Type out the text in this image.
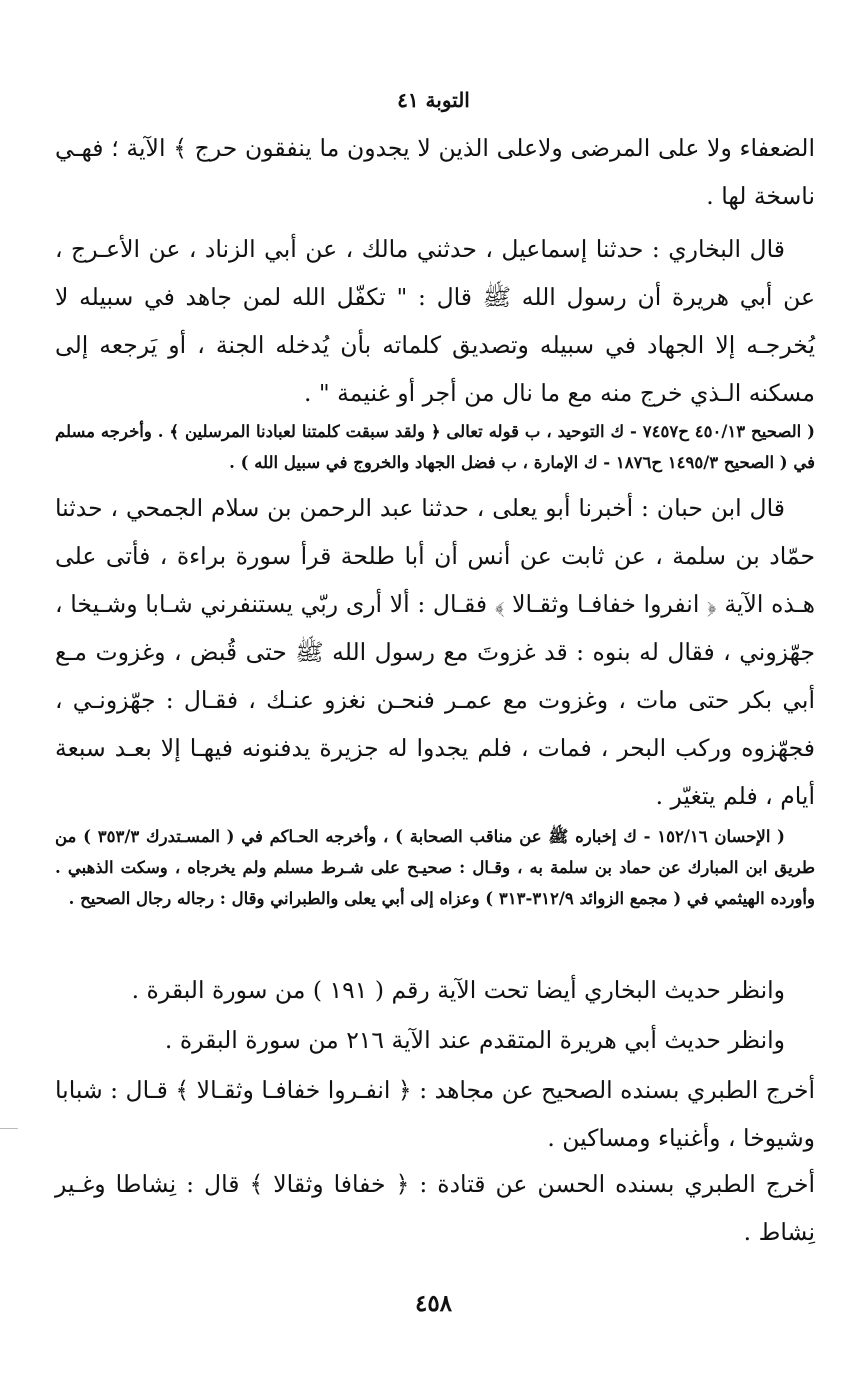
التوبة ٤١

الضعفاء ولا على المرضى ولاعلى الذين لا يجدون ما ينفقون حرج ﴾ الآية ؛ فهـي ناسخة لها .

قال البخاري : حدثنا إسماعيل ، حدثني مالك ، عن أبي الزناد ، عن الأعـرج ، عن أبي هريرة أن رسول الله ﷺ قال : " تكفّل الله لمن جاهد في سبيله لا يُخرجـه إلا الجهاد في سبيله وتصديق كلماته بأن يُدخله الجنة ، أو يَرجعه إلى مسكنه الـذي خرج منه مع ما نال من أجر أو غنيمة " .

( الصحيح ٤٥٠/١٣ ح٧٤٥٧ - ك التوحيد ، ب قوله تعالى ﴿ ولقد سبقت كلمتنا لعبادنا المرسلين ﴾ . وأخرجه مسلم في ( الصحيح ١٤٩٥/٣ ح١٨٧٦ - ك الإمارة ، ب فضل الجهاد والخروج في سبيل الله ) .

قال ابن حبان : أخبرنا أبو يعلى ، حدثنا عبد الرحمن بن سلام الجمحي ، حدثنا حمّاد بن سلمة ، عن ثابت عن أنس أن أبا طلحة قرأ سورة براءة ، فأتى على هـذه الآية ﴿ انفروا خفافـا وثقـالا ﴾ فقـال : ألا أرى ربّي يستنفرني شـابا وشـيخا ، جهّزوني ، فقال له بنوه : قد غزوتَ مع رسول الله ﷺ حتى قُبض ، وغزوت مـع أبي بكر حتى مات ، وغزوت مع عمـر فنحـن نغزو عنـك ، فقـال : جهّزونـي ، فجهّزوه وركب البحر ، فمات ، فلم يجدوا له جزيرة يدفنونه فيهـا إلا بعـد سبعة أيام ، فلم يتغيّر .

( الإحسان ١٥٢/١٦ - ك إخباره ﷺ عن مناقب الصحابة ) ، وأخرجه الحـاكم في ( المسـتدرك ٣٥٣/٣ ) من طريق ابن المبارك عن حماد بن سلمة به ، وقـال : صحيـح على شـرط مسلم ولم يخرجاه ، وسكت الذهبي . وأورده الهيثمي في ( مجمع الزوائد ٣١٢/٩-٣١٣ ) وعزاه إلى أبي يعلى والطبراني وقال : رجاله رجال الصحيح .

وانظر حديث البخاري أيضا تحت الآية رقم ( ١٩١ ) من سورة البقرة .

وانظر حديث أبي هريرة المتقدم عند الآية ٢١٦ من سورة البقرة .

أخرج الطبري بسنده الصحيح عن مجاهد : ﴿ انفـروا خفافـا وثقـالا ﴾ قـال : شبابا وشيوخا ، وأغنياء ومساكين .

أخرج الطبري بسنده الحسن عن قتادة : ﴿ خفافا وثقالا ﴾ قال : نِشاطا وغـير نِشاط .

٤٥٨
